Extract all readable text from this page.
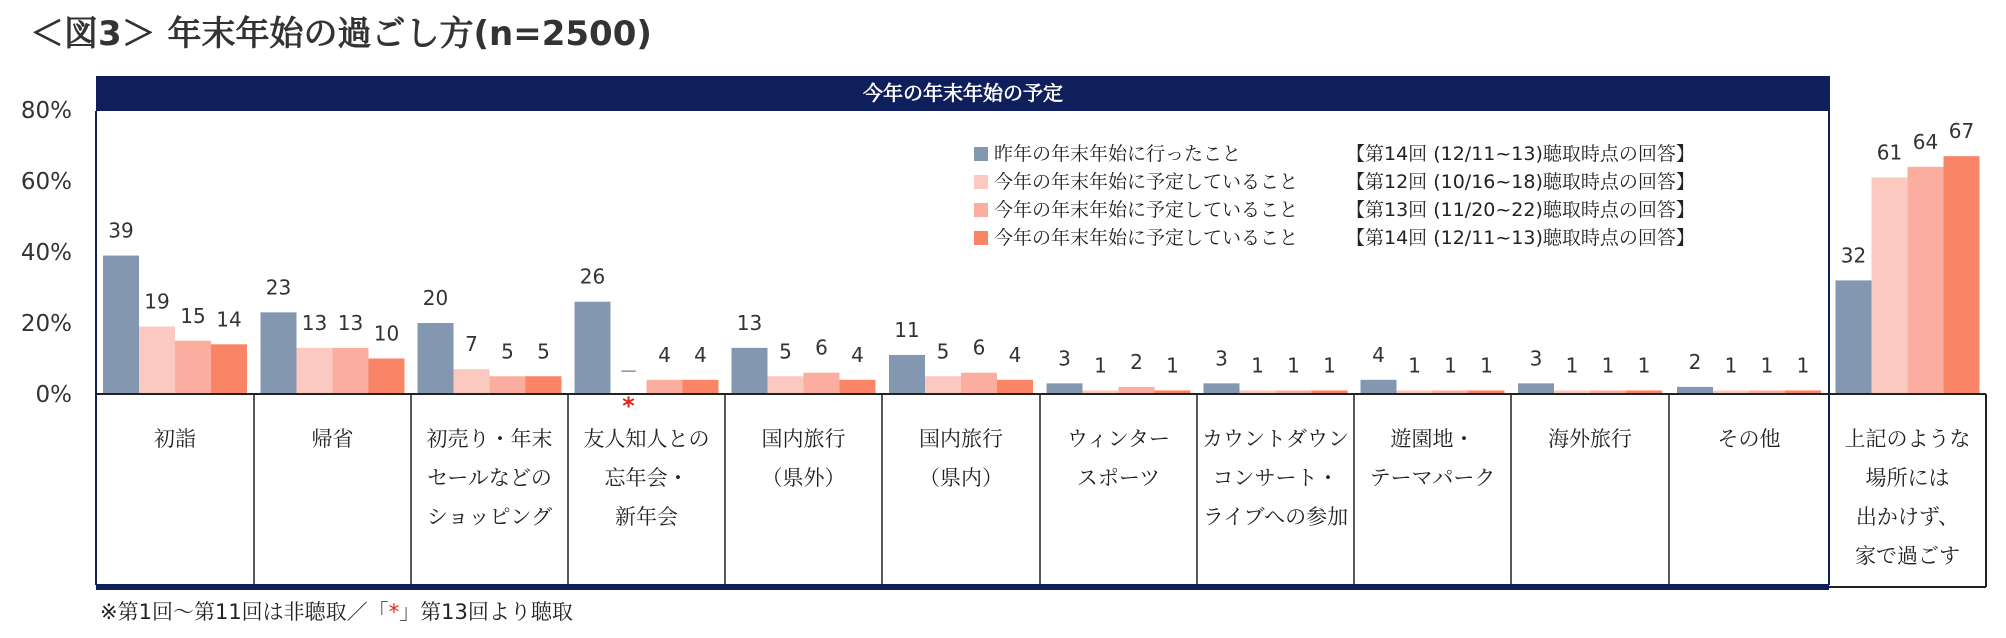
＜図3＞ 年末年始の過ごし方(n=2500)
0%
20%
40%
60%
80%
39
19
15 14
23
13 13 10
20
7 5 5
26
－
4 4
*
13
5 6 4
11
5 6 4 3 1 2 1 3 1 1 1 4 1 1 1 3 1 1 1 2 1 1 1
32
61 64 67
今年の年末年始の予定
昨年の年末年始に行ったこと	【第14回 (12/11~13)聴取時点の回答】
今年の年末年始に予定していること	【第12回 (10/16~18)聴取時点の回答】
今年の年末年始に予定していること	【第13回 (11/20~22)聴取時点の回答】
今年の年末年始に予定していること	【第14回 (12/11~13)聴取時点の回答】
初詣	帰省	初売り・年末
セールなどの
ショッピング
友人知人との
忘年会・
新年会
国内旅行
（県外）
国内旅行
（県内）
ウィンター
スポーツ
カウントダウン
コンサート・
ライブへの参加
遊園地・
テーマパーク
海外旅行	その他	上記のような
場所には
出かけず、
家で過ごす
※第1回～第11回は非聴取／「*」第13回より聴取
